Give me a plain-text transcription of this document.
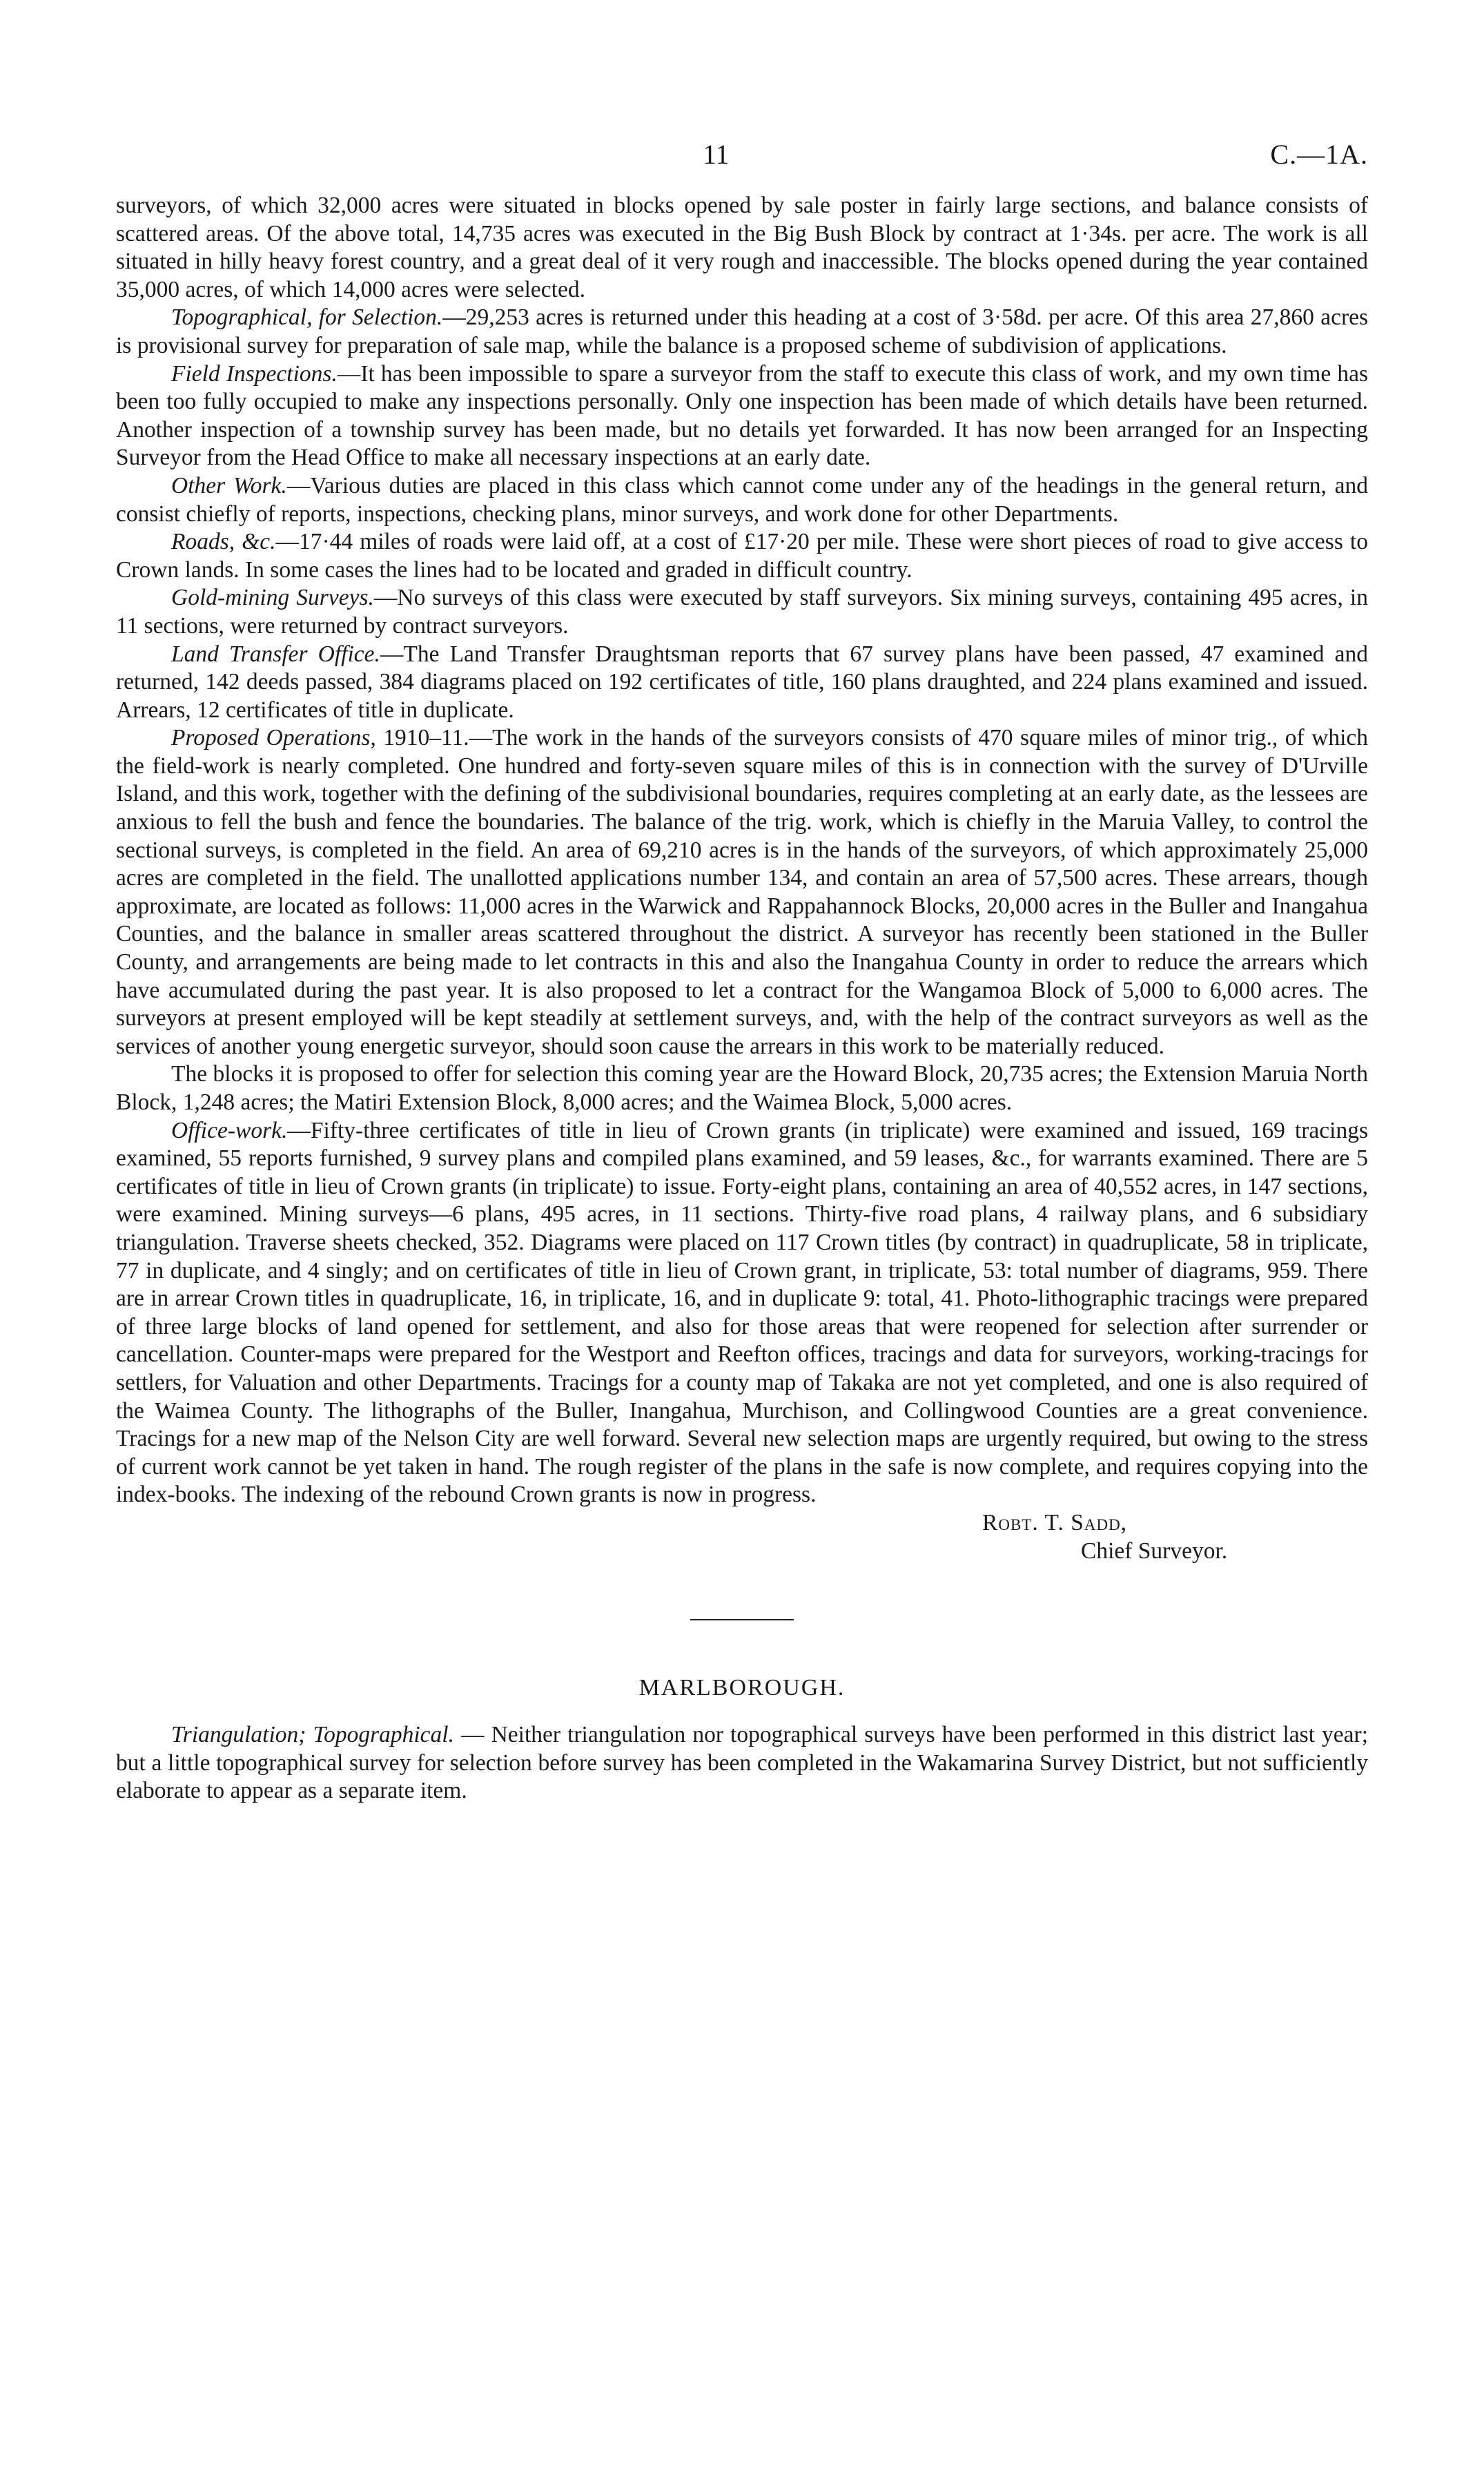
11	C.—1A.

surveyors, of which 32,000 acres were situated in blocks opened by sale poster in fairly large sections, and balance consists of scattered areas. Of the above total, 14,735 acres was executed in the Big Bush Block by contract at 1·34s. per acre. The work is all situated in hilly heavy forest country, and a great deal of it very rough and inaccessible. The blocks opened during the year contained 35,000 acres, of which 14,000 acres were selected.

Topographical, for Selection.—29,253 acres is returned under this heading at a cost of 3·58d. per acre. Of this area 27,860 acres is provisional survey for preparation of sale map, while the balance is a proposed scheme of subdivision of applications.

Field Inspections.—It has been impossible to spare a surveyor from the staff to execute this class of work, and my own time has been too fully occupied to make any inspections personally. Only one inspection has been made of which details have been returned. Another inspection of a township survey has been made, but no details yet forwarded. It has now been arranged for an Inspecting Surveyor from the Head Office to make all necessary inspections at an early date.

Other Work.—Various duties are placed in this class which cannot come under any of the headings in the general return, and consist chiefly of reports, inspections, checking plans, minor surveys, and work done for other Departments.

Roads, &c.—17·44 miles of roads were laid off, at a cost of £17·20 per mile. These were short pieces of road to give access to Crown lands. In some cases the lines had to be located and graded in difficult country.

Gold-mining Surveys.—No surveys of this class were executed by staff surveyors. Six mining surveys, containing 495 acres, in 11 sections, were returned by contract surveyors.

Land Transfer Office.—The Land Transfer Draughtsman reports that 67 survey plans have been passed, 47 examined and returned, 142 deeds passed, 384 diagrams placed on 192 certificates of title, 160 plans draughted, and 224 plans examined and issued. Arrears, 12 certificates of title in duplicate.

Proposed Operations, 1910–11.—The work in the hands of the surveyors consists of 470 square miles of minor trig., of which the field-work is nearly completed. One hundred and forty-seven square miles of this is in connection with the survey of D'Urville Island, and this work, together with the defining of the subdivisional boundaries, requires completing at an early date, as the lessees are anxious to fell the bush and fence the boundaries. The balance of the trig. work, which is chiefly in the Maruia Valley, to control the sectional surveys, is completed in the field. An area of 69,210 acres is in the hands of the surveyors, of which approximately 25,000 acres are completed in the field. The unallotted applications number 134, and contain an area of 57,500 acres. These arrears, though approximate, are located as follows: 11,000 acres in the Warwick and Rappahannock Blocks, 20,000 acres in the Buller and Inangahua Counties, and the balance in smaller areas scattered throughout the district. A surveyor has recently been stationed in the Buller County, and arrangements are being made to let contracts in this and also the Inangahua County in order to reduce the arrears which have accumulated during the past year. It is also proposed to let a contract for the Wangamoa Block of 5,000 to 6,000 acres. The surveyors at present employed will be kept steadily at settlement surveys, and, with the help of the contract surveyors as well as the services of another young energetic surveyor, should soon cause the arrears in this work to be materially reduced.

The blocks it is proposed to offer for selection this coming year are the Howard Block, 20,735 acres; the Extension Maruia North Block, 1,248 acres; the Matiri Extension Block, 8,000 acres; and the Waimea Block, 5,000 acres.

Office-work.—Fifty-three certificates of title in lieu of Crown grants (in triplicate) were examined and issued, 169 tracings examined, 55 reports furnished, 9 survey plans and compiled plans examined, and 59 leases, &c., for warrants examined. There are 5 certificates of title in lieu of Crown grants (in triplicate) to issue. Forty-eight plans, containing an area of 40,552 acres, in 147 sections, were examined. Mining surveys—6 plans, 495 acres, in 11 sections. Thirty-five road plans, 4 railway plans, and 6 subsidiary triangulation. Traverse sheets checked, 352. Diagrams were placed on 117 Crown titles (by contract) in quadruplicate, 58 in triplicate, 77 in duplicate, and 4 singly; and on certificates of title in lieu of Crown grant, in triplicate, 53: total number of diagrams, 959. There are in arrear Crown titles in quadruplicate, 16, in triplicate, 16, and in duplicate 9: total, 41. Photo-lithographic tracings were prepared of three large blocks of land opened for settlement, and also for those areas that were reopened for selection after surrender or cancellation. Counter-maps were prepared for the Westport and Reefton offices, tracings and data for surveyors, working-tracings for settlers, for Valuation and other Departments. Tracings for a county map of Takaka are not yet completed, and one is also required of the Waimea County. The lithographs of the Buller, Inangahua, Murchison, and Collingwood Counties are a great convenience. Tracings for a new map of the Nelson City are well forward. Several new selection maps are urgently required, but owing to the stress of current work cannot be yet taken in hand. The rough register of the plans in the safe is now complete, and requires copying into the index-books. The indexing of the rebound Crown grants is now in progress.

Robt. T. Sadd,
Chief Surveyor.
MARLBOROUGH.

Triangulation; Topographical. — Neither triangulation nor topographical surveys have been performed in this district last year; but a little topographical survey for selection before survey has been completed in the Wakamarina Survey District, but not sufficiently elaborate to appear as a separate item.
